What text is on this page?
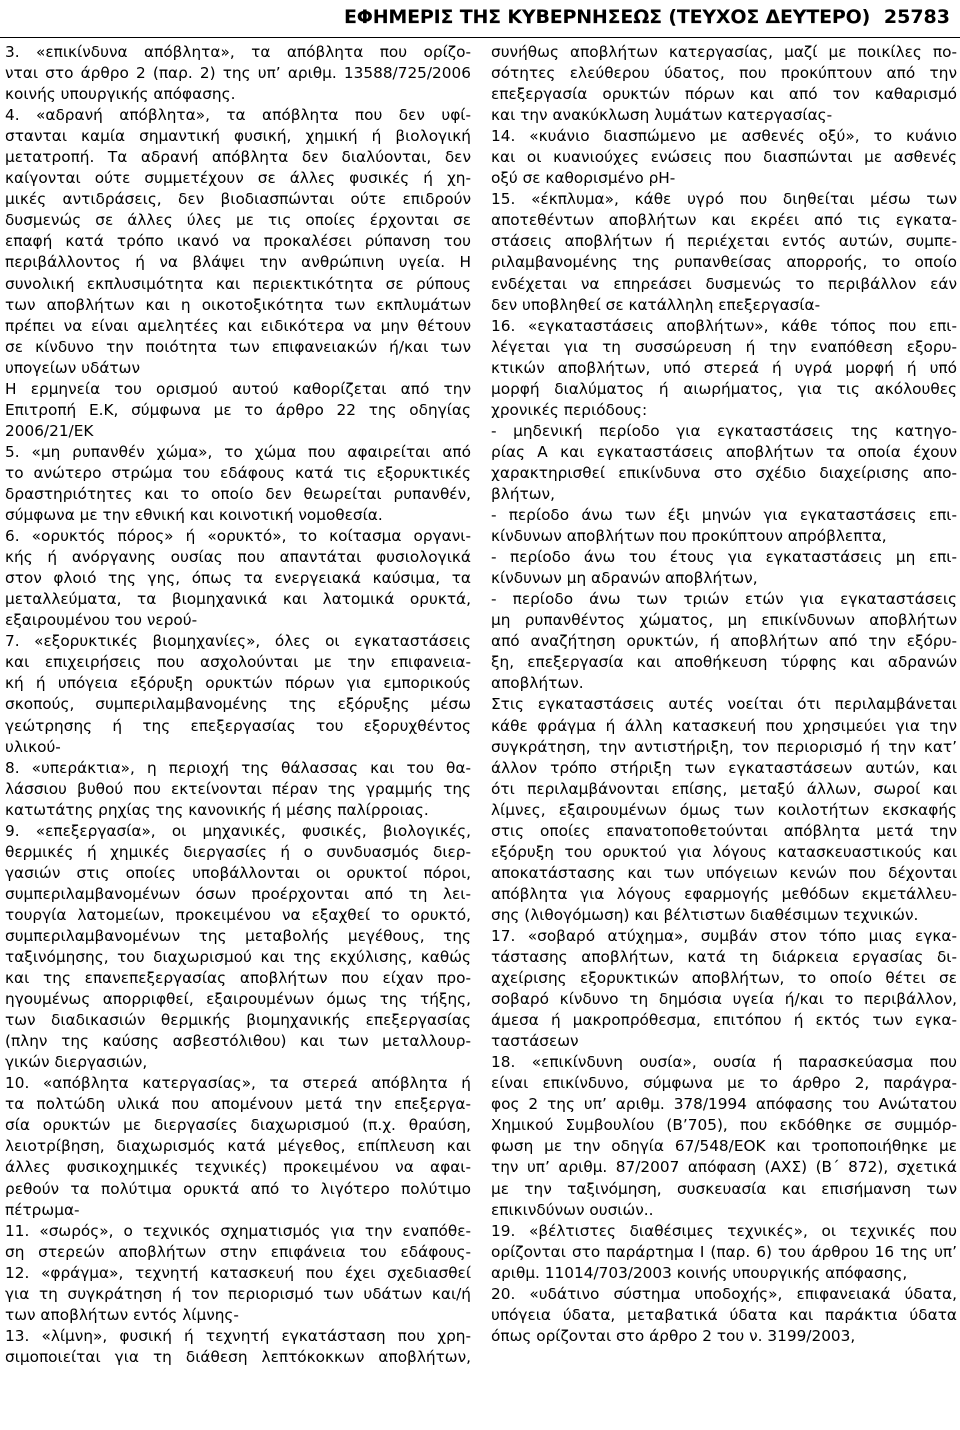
ΕΦΗΜΕΡΙΣ ΤΗΣ ΚΥΒΕΡΝΗΣΕΩΣ (ΤΕΥΧΟΣ ΔΕΥΤΕΡΟ) 25783
3. «επικίνδυνα απόβλητα», τα απόβλητα που ορίζο-
νται στο άρθρο 2 (παρ. 2) της υπ’ αριθμ. 13588/725/2006
κοινής υπουργικής απόφασης.
4. «αδρανή απόβλητα», τα απόβλητα που δεν υφί-
στανται καμία σημαντική φυσική, χημική ή βιολογική
μετατροπή. Τα αδρανή απόβλητα δεν διαλύονται, δεν
καίγονται ούτε συμμετέχουν σε άλλες φυσικές ή χη-
μικές αντιδράσεις, δεν βιοδιασπώνται ούτε επιδρούν
δυσμενώς σε άλλες ύλες με τις οποίες έρχονται σε
επαφή κατά τρόπο ικανό να προκαλέσει ρύπανση του
περιβάλλοντος ή να βλάψει την ανθρώπινη υγεία. Η
συνολική εκπλυσιμότητα και περιεκτικότητα σε ρύπους
των αποβλήτων και η οικοτοξικότητα των εκπλυμάτων
πρέπει να είναι αμελητέες και ειδικότερα να μην θέτουν
σε κίνδυνο την ποιότητα των επιφανειακών ή/και των
υπογείων υδάτων
Η ερμηνεία του ορισμού αυτού καθορίζεται από την
Επιτροπή Ε.Κ, σύμφωνα με το άρθρο 22 της οδηγίας
2006/21/ΕΚ
5. «μη ρυπανθέν χώμα», το χώμα που αφαιρείται από
το ανώτερο στρώμα του εδάφους κατά τις εξορυκτικές
δραστηριότητες και το οποίο δεν θεωρείται ρυπανθέν,
σύμφωνα με την εθνική και κοινοτική νομοθεσία.
6. «ορυκτός πόρος» ή «ορυκτό», το κοίτασμα οργανι-
κής ή ανόργανης ουσίας που απαντάται φυσιολογικά
στον φλοιό της γης, όπως τα ενεργειακά καύσιμα, τα
μεταλλεύματα, τα βιομηχανικά και λατομικά ορυκτά,
εξαιρουμένου του νερού-
7. «εξορυκτικές βιομηχανίες», όλες οι εγκαταστάσεις
και επιχειρήσεις που ασχολούνται με την επιφανεια-
κή ή υπόγεια εξόρυξη ορυκτών πόρων για εμπορικούς
σκοπούς, συμπεριλαμβανομένης της εξόρυξης μέσω
γεώτρησης ή της επεξεργασίας του εξορυχθέντος
υλικού-
8. «υπεράκτια», η περιοχή της θάλασσας και του θα-
λάσσιου βυθού που εκτείνονται πέραν της γραμμής της
κατωτάτης ρηχίας της κανονικής ή μέσης παλίρροιας.
9. «επεξεργασία», οι μηχανικές, φυσικές, βιολογικές,
θερμικές ή χημικές διεργασίες ή ο συνδυασμός διερ-
γασιών στις οποίες υποβάλλονται οι ορυκτοί πόροι,
συμπεριλαμβανομένων όσων προέρχονται από τη λει-
τουργία λατομείων, προκειμένου να εξαχθεί το ορυκτό,
συμπεριλαμβανομένων της μεταβολής μεγέθους, της
ταξινόμησης, του διαχωρισμού και της εκχύλισης, καθώς
και της επανεπεξεργασίας αποβλήτων που είχαν προ-
ηγουμένως απορριφθεί, εξαιρουμένων όμως της τήξης,
των διαδικασιών θερμικής βιομηχανικής επεξεργασίας
(πλην της καύσης ασβεστόλιθου) και των μεταλλουρ-
γικών διεργασιών,
10. «απόβλητα κατεργασίας», τα στερεά απόβλητα ή
τα πολτώδη υλικά που απομένουν μετά την επεξεργα-
σία ορυκτών με διεργασίες διαχωρισμού (π.χ. θραύση,
λειοτρίβηση, διαχωρισμός κατά μέγεθος, επίπλευση και
άλλες φυσικοχημικές τεχνικές) προκειμένου να αφαι-
ρεθούν τα πολύτιμα ορυκτά από το λιγότερο πολύτιμο
πέτρωμα-
11. «σωρός», ο τεχνικός σχηματισμός για την εναπόθε-
ση στερεών αποβλήτων στην επιφάνεια του εδάφους-
12. «φράγμα», τεχνητή κατασκευή που έχει σχεδιασθεί
για τη συγκράτηση ή τον περιορισμό των υδάτων και/ή
των αποβλήτων εντός λίμνης-
13. «λίμνη», φυσική ή τεχνητή εγκατάσταση που χρη-
σιμοποιείται για τη διάθεση λεπτόκοκκων αποβλήτων,
συνήθως αποβλήτων κατεργασίας, μαζί με ποικίλες πο-
σότητες ελεύθερου ύδατος, που προκύπτουν από την
επεξεργασία ορυκτών πόρων και από τον καθαρισμό
και την ανακύκλωση λυμάτων κατεργασίας-
14. «κυάνιο διασπώμενο με ασθενές οξύ», το κυάνιο
και οι κυανιούχες ενώσεις που διασπώνται με ασθενές
οξύ σε καθορισμένο ρΗ-
15. «έκπλυμα», κάθε υγρό που διηθείται μέσω των
αποτεθέντων αποβλήτων και εκρέει από τις εγκατα-
στάσεις αποβλήτων ή περιέχεται εντός αυτών, συμπε-
ριλαμβανομένης της ρυπανθείσας απορροής, το οποίο
ενδέχεται να επηρεάσει δυσμενώς το περιβάλλον εάν
δεν υποβληθεί σε κατάλληλη επεξεργασία-
16. «εγκαταστάσεις αποβλήτων», κάθε τόπος που επι-
λέγεται για τη συσσώρευση ή την εναπόθεση εξορυ-
κτικών αποβλήτων, υπό στερεά ή υγρά μορφή ή υπό
μορφή διαλύματος ή αιωρήματος, για τις ακόλουθες
χρονικές περιόδους:
- μηδενική περίοδο για εγκαταστάσεις της κατηγο-
ρίας Α και εγκαταστάσεις αποβλήτων τα οποία έχουν
χαρακτηρισθεί επικίνδυνα στο σχέδιο διαχείρισης απο-
βλήτων,
- περίοδο άνω των έξι μηνών για εγκαταστάσεις επι-
κίνδυνων αποβλήτων που προκύπτουν απρόβλεπτα,
- περίοδο άνω του έτους για εγκαταστάσεις μη επι-
κίνδυνων μη αδρανών αποβλήτων,
- περίοδο άνω των τριών ετών για εγκαταστάσεις
μη ρυπανθέντος χώματος, μη επικίνδυνων αποβλήτων
από αναζήτηση ορυκτών, ή αποβλήτων από την εξόρυ-
ξη, επεξεργασία και αποθήκευση τύρφης και αδρανών
αποβλήτων.
Στις εγκαταστάσεις αυτές νοείται ότι περιλαμβάνεται
κάθε φράγμα ή άλλη κατασκευή που χρησιμεύει για την
συγκράτηση, την αντιστήριξη, τον περιορισμό ή την κατ’
άλλον τρόπο στήριξη των εγκαταστάσεων αυτών, και
ότι περιλαμβάνονται επίσης, μεταξύ άλλων, σωροί και
λίμνες, εξαιρουμένων όμως των κοιλοτήτων εκσκαφής
στις οποίες επανατοποθετούνται απόβλητα μετά την
εξόρυξη του ορυκτού για λόγους κατασκευαστικούς και
αποκατάστασης και των υπόγειων κενών που δέχονται
απόβλητα για λόγους εφαρμογής μεθόδων εκμετάλλευ-
σης (λιθογόμωση) και βέλτιστων διαθέσιμων τεχνικών.
17. «σοβαρό ατύχημα», συμβάν στον τόπο μιας εγκα-
τάστασης αποβλήτων, κατά τη διάρκεια εργασίας δι-
αχείρισης εξορυκτικών αποβλήτων, το οποίο θέτει σε
σοβαρό κίνδυνο τη δημόσια υγεία ή/και το περιβάλλον,
άμεσα ή μακροπρόθεσμα, επιτόπου ή εκτός των εγκα-
ταστάσεων
18. «επικίνδυνη ουσία», ουσία ή παρασκεύασμα που
είναι επικίνδυνο, σύμφωνα με το άρθρο 2, παράγρα-
φος 2 της υπ’ αριθμ. 378/1994 απόφασης του Ανώτατου
Χημικού Συμβουλίου (Β’705), που εκδόθηκε σε συμμόρ-
φωση με την οδηγία 67/548/ΕΟΚ και τροποποιήθηκε με
την υπ’ αριθμ. 87/2007 απόφαση (ΑΧΣ) (Β΄ 872), σχετικά
με την ταξινόμηση, συσκευασία και επισήμανση των
επικινδύνων ουσιών..
19. «βέλτιστες διαθέσιμες τεχνικές», οι τεχνικές που
ορίζονται στο παράρτημα Ι (παρ. 6) του άρθρου 16 της υπ’
αριθμ. 11014/703/2003 κοινής υπουργικής απόφασης,
20. «υδάτινο σύστημα υποδοχής», επιφανειακά ύδατα,
υπόγεια ύδατα, μεταβατικά ύδατα και παράκτια ύδατα
όπως ορίζονται στο άρθρο 2 του ν. 3199/2003,
